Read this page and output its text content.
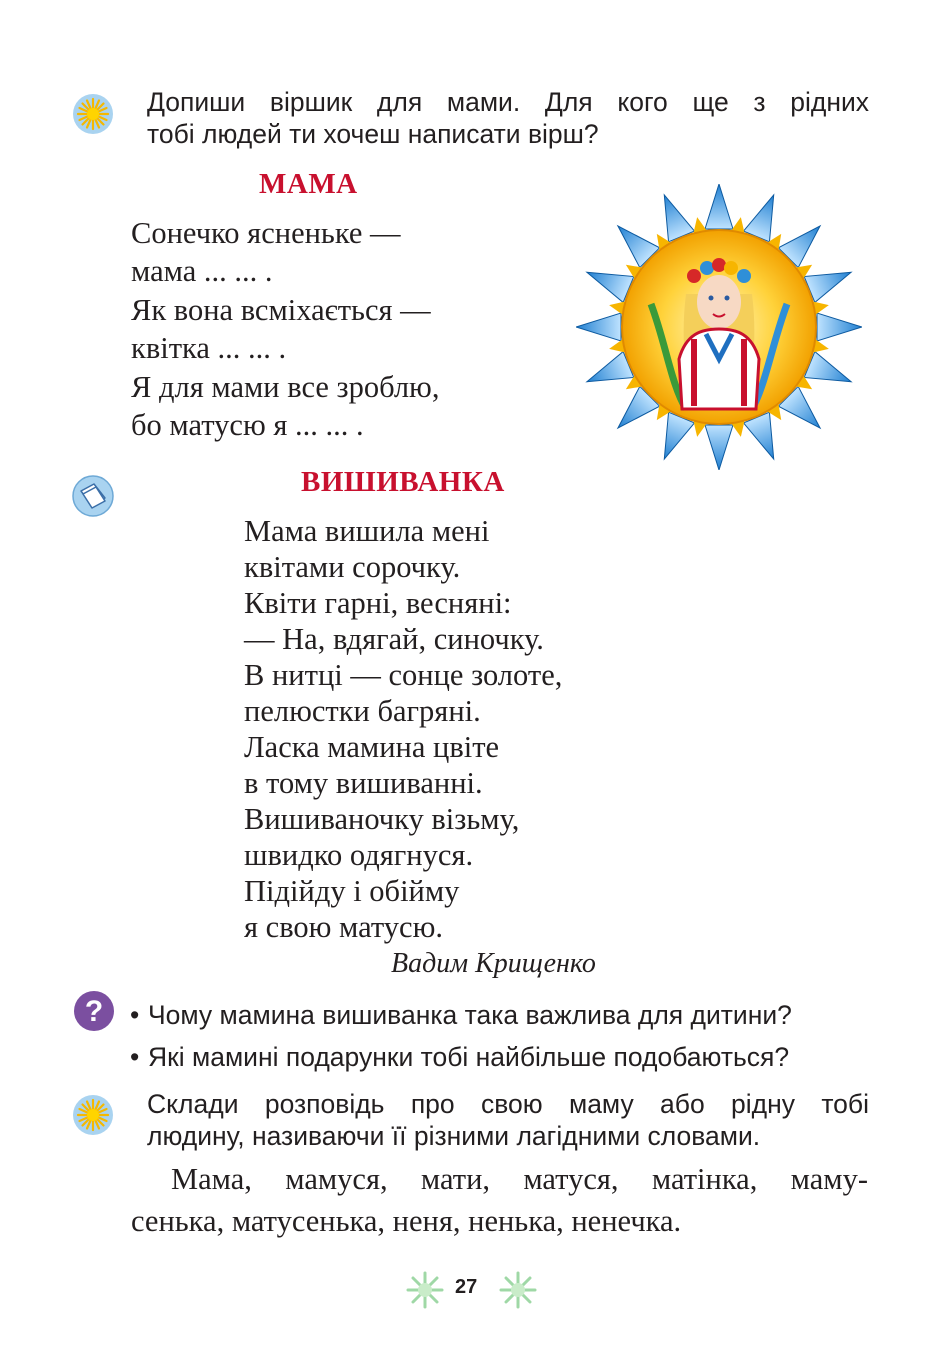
Допиши віршик для мами. Для кого ще з рідних
тобі людей ти хочеш написати вірш?
МАМА
Сонечко ясненьке —
мама ... ... .
Як вона всміхається —
квітка ... ... .
Я для мами все зроблю,
бо матусю я ... ... .
ВИШИВАНКА
Мама вишила мені
квітами сорочку.
Квіти гарні, весняні:
— На, вдягай, синочку.
В нитці — сонце золоте,
пелюстки багряні.
Ласка мамина цвіте
в тому вишиванні.
Вишиваночку візьму,
швидко одягнуся.
Підійду і обійму
я свою матусю.
Вадим Крищенко
? • Чому мамина вишиванка така важлива для дитини?
• Які мамині подарунки тобі найбільше подобаються?
Склади розповідь про свою маму або рідну тобі
людину, називаючи її різними лагідними словами.
Мама, мамуся, мати, матуся, матінка, маму-
сенька, матусенька, неня, ненька, ненечка.
27
